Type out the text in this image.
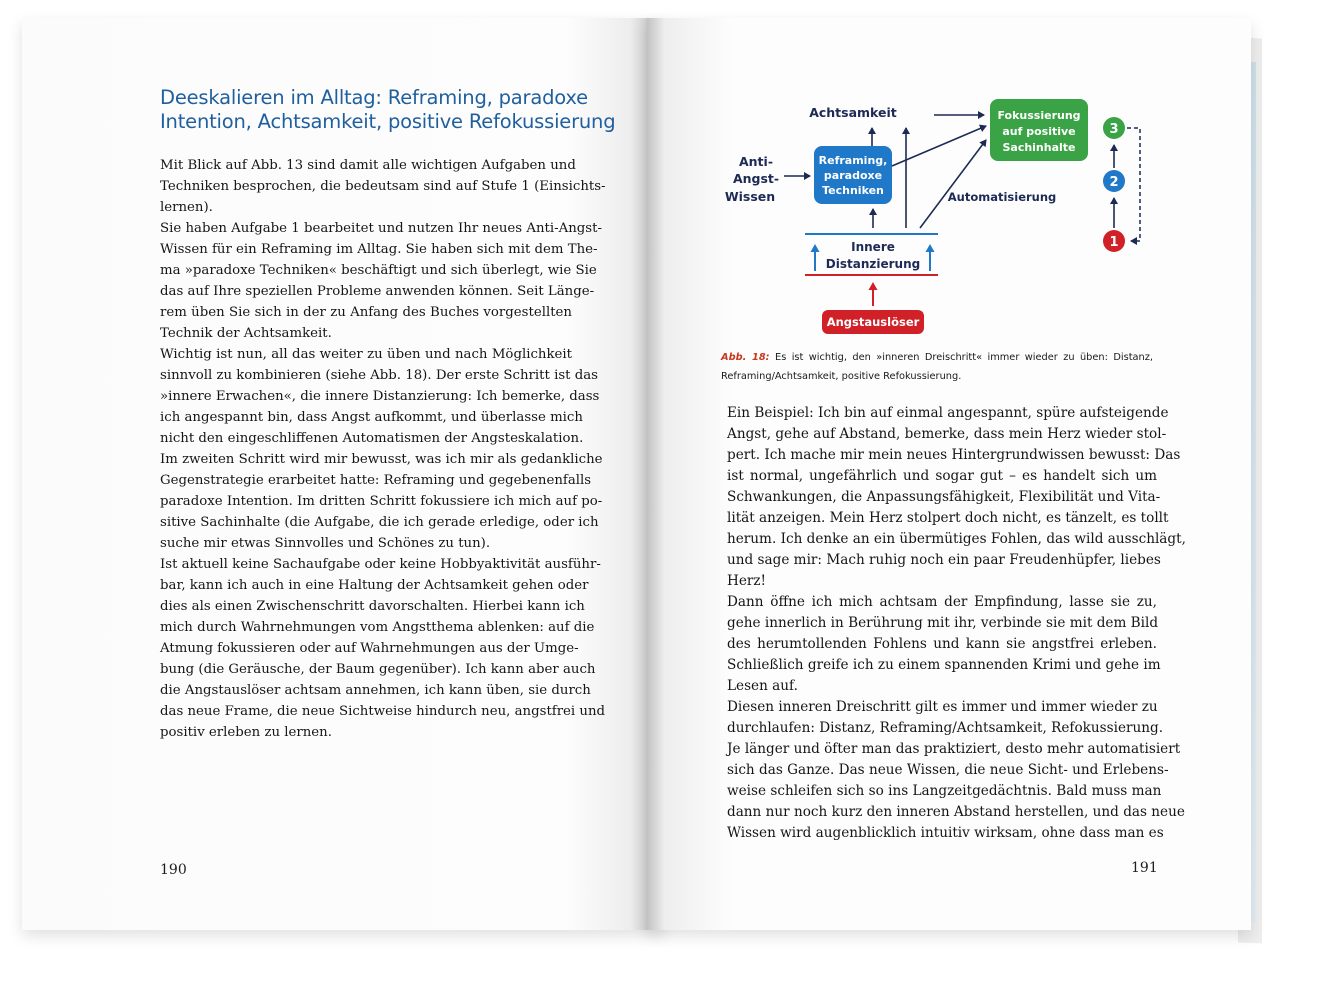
Deeskalieren im Alltag: Reframing, paradoxe
Intention, Achtsamkeit, positive Refokussierung
Mit Blick auf Abb. 13 sind damit alle wichtigen Aufgaben und
Techniken besprochen, die bedeutsam sind auf Stufe 1 (Einsichts-
lernen).
Sie haben Aufgabe 1 bearbeitet und nutzen Ihr neues Anti-Angst-
Wissen für ein Reframing im Alltag. Sie haben sich mit dem The-
ma »paradoxe Techniken« beschäftigt und sich überlegt, wie Sie
das auf Ihre speziellen Probleme anwenden können. Seit Länge-
rem üben Sie sich in der zu Anfang des Buches vorgestellten
Technik der Achtsamkeit.
Wichtig ist nun, all das weiter zu üben und nach Möglichkeit
sinnvoll zu kombinieren (siehe Abb. 18). Der erste Schritt ist das
»innere Erwachen«, die innere Distanzierung: Ich bemerke, dass
ich angespannt bin, dass Angst aufkommt, und überlasse mich
nicht den eingeschliffenen Automatismen der Angsteskalation.
Im zweiten Schritt wird mir bewusst, was ich mir als gedankliche
Gegenstrategie erarbeitet hatte: Reframing und gegebenenfalls
paradoxe Intention. Im dritten Schritt fokussiere ich mich auf po-
sitive Sachinhalte (die Aufgabe, die ich gerade erledige, oder ich
suche mir etwas Sinnvolles und Schönes zu tun).
Ist aktuell keine Sachaufgabe oder keine Hobbyaktivität ausführ-
bar, kann ich auch in eine Haltung der Achtsamkeit gehen oder
dies als einen Zwischenschritt davorschalten. Hierbei kann ich
mich durch Wahrnehmungen vom Angstthema ablenken: auf die
Atmung fokussieren oder auf Wahrnehmungen aus der Umge-
bung (die Geräusche, der Baum gegenüber). Ich kann aber auch
die Angstauslöser achtsam annehmen, ich kann üben, sie durch
das neue Frame, die neue Sichtweise hindurch neu, angstfrei und
positiv erleben zu lernen.
190
Achtsamkeit	Fokussierung
auf positive
Sachinhalte
Anti-
Angst-
Wissen
Reframing,
paradoxe
Techniken	Automatisierung
Innere
Distanzierung
Angstauslöser
3
2
1
Abb. 18: Es ist wichtig, den »inneren Dreischritt« immer wieder zu üben: Distanz,
Reframing/Achtsamkeit, positive Refokussierung.
Ein Beispiel: Ich bin auf einmal angespannt, spüre aufsteigende
Angst, gehe auf Abstand, bemerke, dass mein Herz wieder stol-
pert. Ich mache mir mein neues Hintergrundwissen bewusst: Das
ist normal, ungefährlich und sogar gut – es handelt sich um
Schwankungen, die Anpassungsfähigkeit, Flexibilität und Vita-
lität anzeigen. Mein Herz stolpert doch nicht, es tänzelt, es tollt
herum. Ich denke an ein übermütiges Fohlen, das wild ausschlägt,
und sage mir: Mach ruhig noch ein paar Freudenhüpfer, liebes
Herz!
Dann öffne ich mich achtsam der Empfindung, lasse sie zu,
gehe innerlich in Berührung mit ihr, verbinde sie mit dem Bild
des herumtollenden Fohlens und kann sie angstfrei erleben.
Schließlich greife ich zu einem spannenden Krimi und gehe im
Lesen auf.
Diesen inneren Dreischritt gilt es immer und immer wieder zu
durchlaufen: Distanz, Reframing/Achtsamkeit, Refokussierung.
Je länger und öfter man das praktiziert, desto mehr automatisiert
sich das Ganze. Das neue Wissen, die neue Sicht- und Erlebens-
weise schleifen sich so ins Langzeitgedächtnis. Bald muss man
dann nur noch kurz den inneren Abstand herstellen, und das neue
Wissen wird augenblicklich intuitiv wirksam, ohne dass man es
191
